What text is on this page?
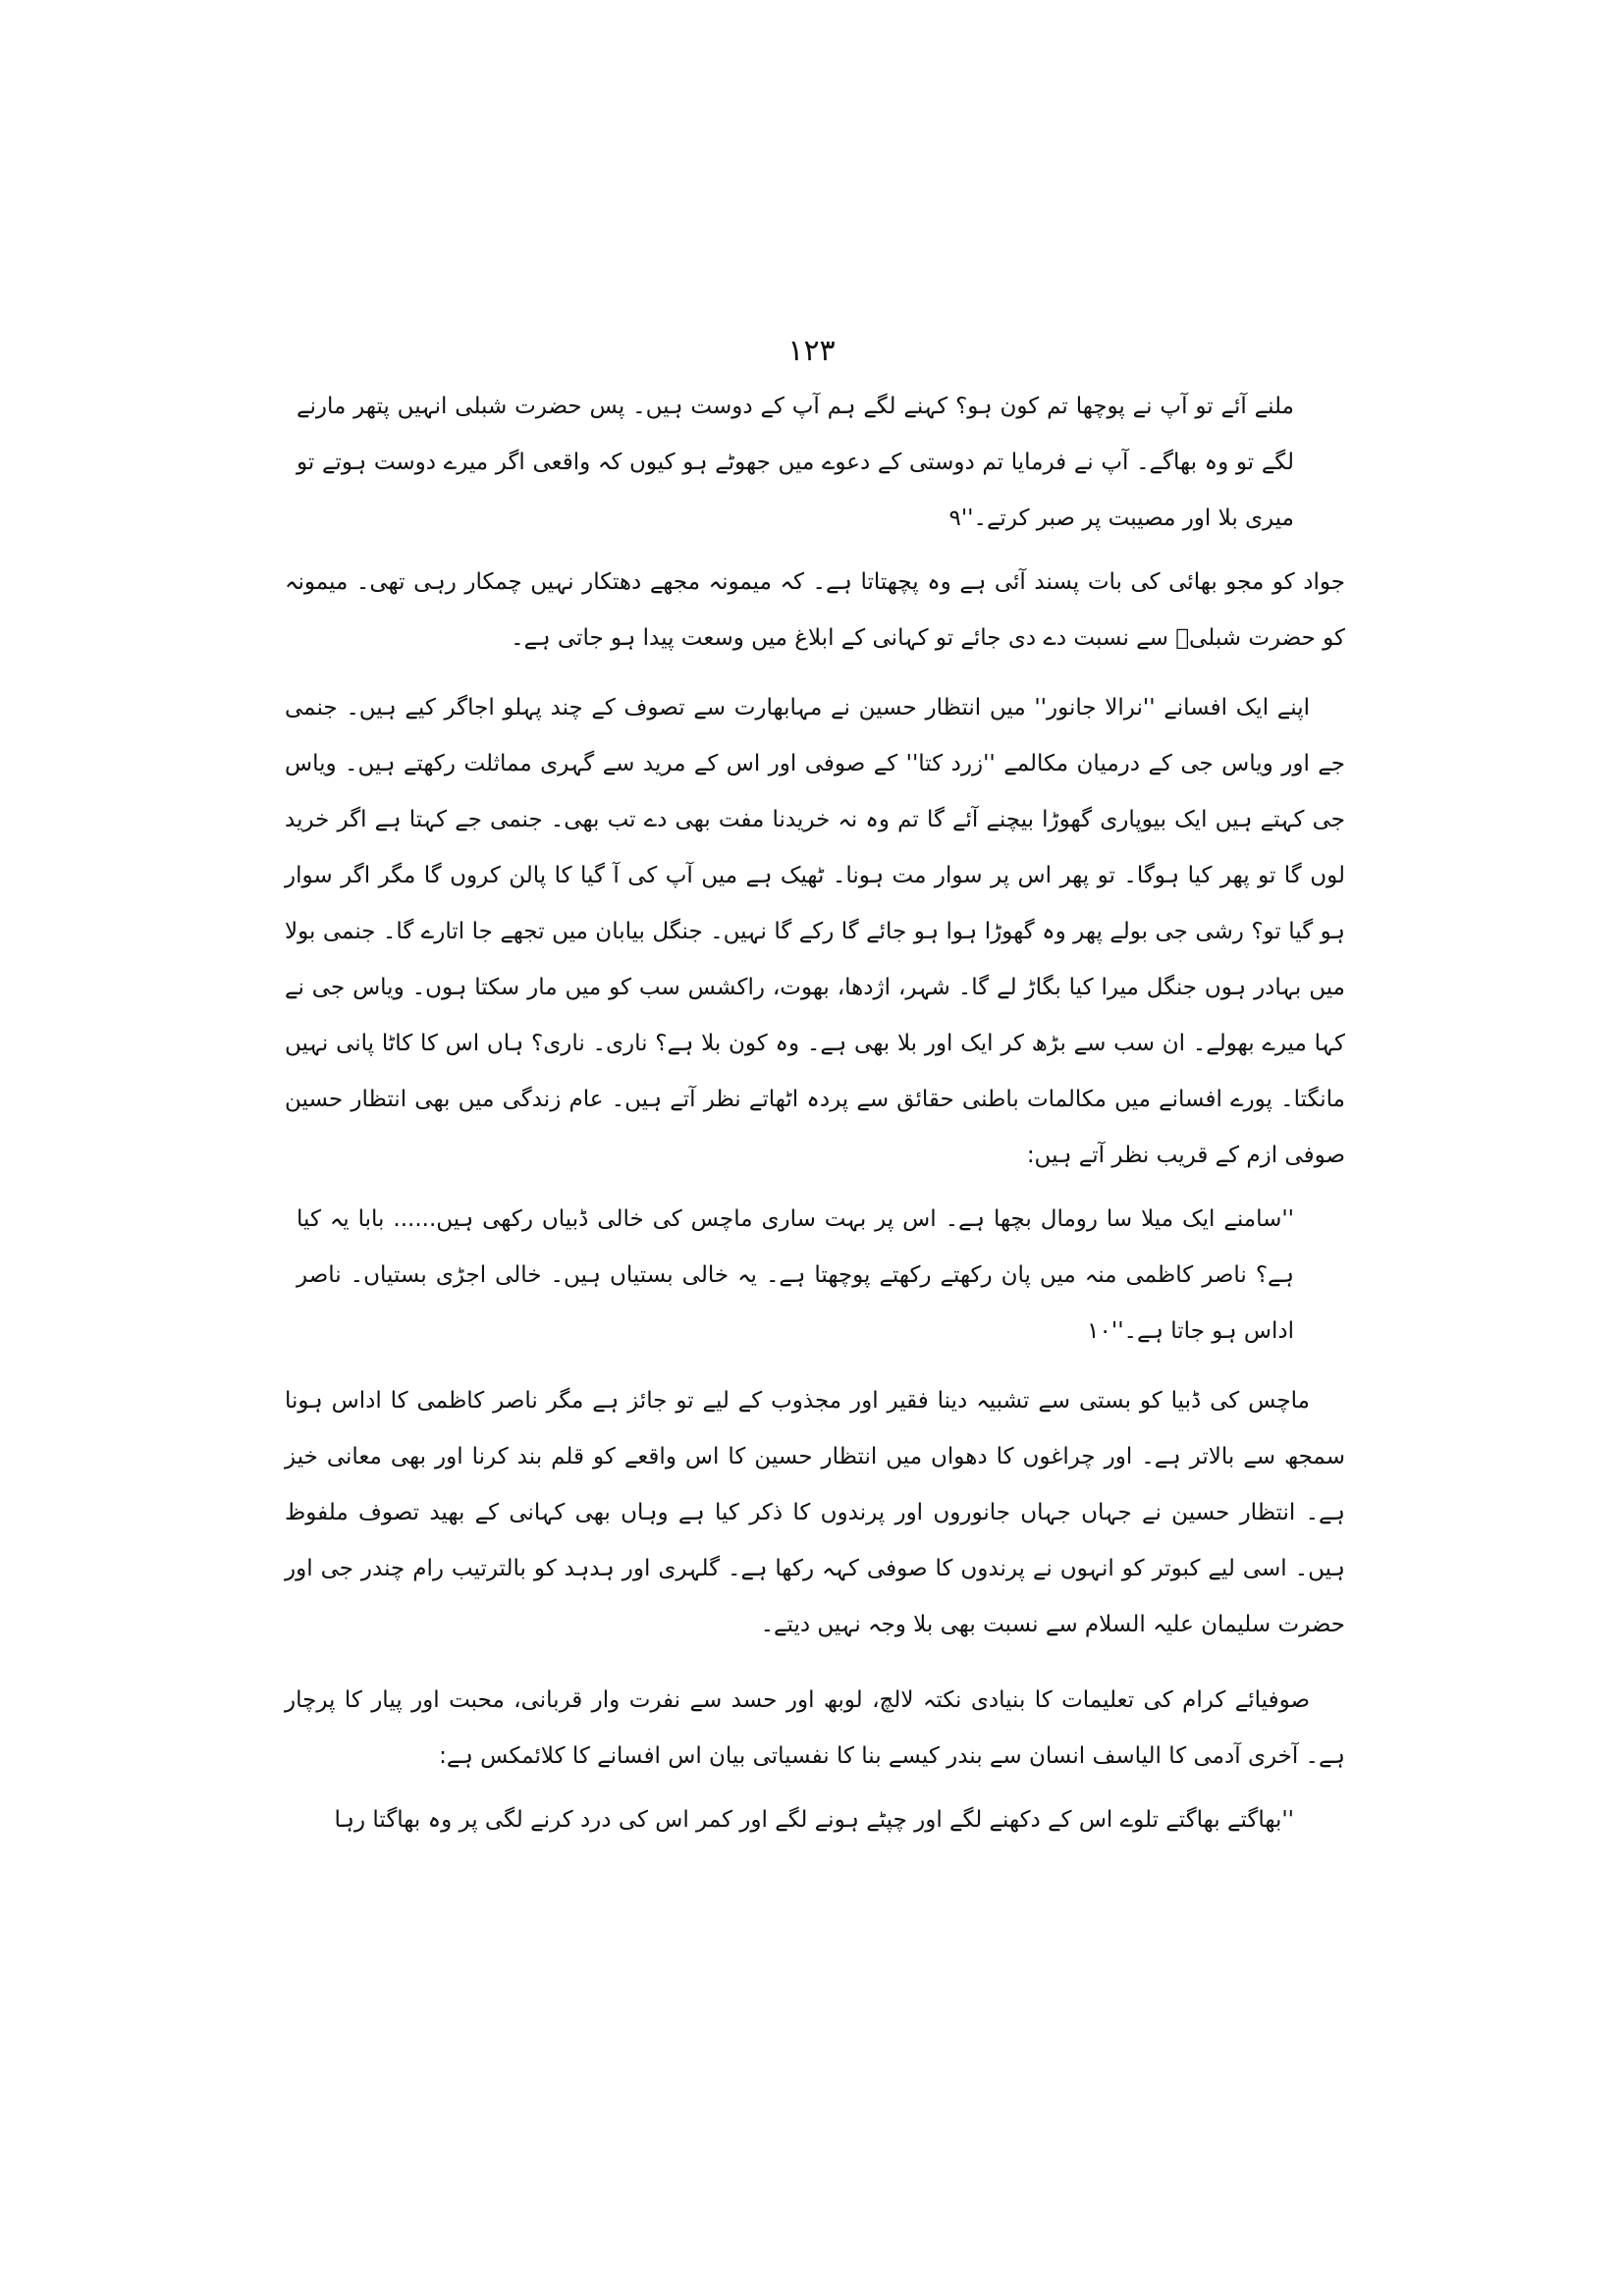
۱۲۳

ملنے آئے تو آپ نے پوچھا تم کون ہو؟ کہنے لگے ہم آپ کے دوست ہیں۔ پس حضرت شبلی انہیں پتھر مارنے لگے تو وہ بھاگے۔ آپ نے فرمایا تم دوستی کے دعوے میں جھوٹے ہو کیوں کہ واقعی اگر میرے دوست ہوتے تو میری بلا اور مصیبت پر صبر کرتے۔''۹

جواد کو مجو بھائی کی بات پسند آئی ہے وہ پچھتاتا ہے۔ کہ میمونہ مجھے دھتکار نہیں چمکار رہی تھی۔ میمونہ کو حضرت شبلیؒ سے نسبت دے دی جائے تو کہانی کے ابلاغ میں وسعت پیدا ہو جاتی ہے۔

اپنے ایک افسانے ''نرالا جانور'' میں انتظار حسین نے مہابھارت سے تصوف کے چند پہلو اجاگر کیے ہیں۔ جنمی جے اور ویاس جی کے درمیان مکالمے ''زرد کتا'' کے صوفی اور اس کے مرید سے گہری مماثلت رکھتے ہیں۔ ویاس جی کہتے ہیں ایک بیوپاری گھوڑا بیچنے آئے گا تم وہ نہ خریدنا مفت بھی دے تب بھی۔ جنمی جے کہتا ہے اگر خرید لوں گا تو پھر کیا ہوگا۔ تو پھر اس پر سوار مت ہونا۔ ٹھیک ہے میں آپ کی آ گیا کا پالن کروں گا مگر اگر سوار ہو گیا تو؟ رشی جی بولے پھر وہ گھوڑا ہوا ہو جائے گا رکے گا نہیں۔ جنگل بیابان میں تجھے جا اتارے گا۔ جنمی بولا میں بہادر ہوں جنگل میرا کیا بگاڑ لے گا۔ شہر، اژدھا، بھوت، راکشس سب کو میں مار سکتا ہوں۔ ویاس جی نے کہا میرے بھولے۔ ان سب سے بڑھ کر ایک اور بلا بھی ہے۔ وہ کون بلا ہے؟ ناری۔ ناری؟ ہاں اس کا کاٹا پانی نہیں مانگتا۔ پورے افسانے میں مکالمات باطنی حقائق سے پردہ اٹھاتے نظر آتے ہیں۔ عام زندگی میں بھی انتظار حسین صوفی ازم کے قریب نظر آتے ہیں:

''سامنے ایک میلا سا رومال بچھا ہے۔ اس پر بہت ساری ماچس کی خالی ڈبیاں رکھی ہیں...... بابا یہ کیا ہے؟ ناصر کاظمی منہ میں پان رکھتے رکھتے پوچھتا ہے۔ یہ خالی بستیاں ہیں۔ خالی اجڑی بستیاں۔ ناصر اداس ہو جاتا ہے۔''۱۰

ماچس کی ڈبیا کو بستی سے تشبیہ دینا فقیر اور مجذوب کے لیے تو جائز ہے مگر ناصر کاظمی کا اداس ہونا سمجھ سے بالاتر ہے۔ اور چراغوں کا دھواں میں انتظار حسین کا اس واقعے کو قلم بند کرنا اور بھی معانی خیز ہے۔ انتظار حسین نے جہاں جہاں جانوروں اور پرندوں کا ذکر کیا ہے وہاں بھی کہانی کے بھید تصوف ملفوظ ہیں۔ اسی لیے کبوتر کو انہوں نے پرندوں کا صوفی کہہ رکھا ہے۔ گلہری اور ہدہد کو بالترتیب رام چندر جی اور حضرت سلیمان علیہ السلام سے نسبت بھی بلا وجہ نہیں دیتے۔

صوفیائے کرام کی تعلیمات کا بنیادی نکتہ لالچ، لوبھ اور حسد سے نفرت وار قربانی، محبت اور پیار کا پرچار ہے۔ آخری آدمی کا الیاسف انسان سے بندر کیسے بنا کا نفسیاتی بیان اس افسانے کا کلائمکس ہے:

''بھاگتے بھاگتے تلوے اس کے دکھنے لگے اور چپٹے ہونے لگے اور کمر اس کی درد کرنے لگی پر وہ بھاگتا رہا
